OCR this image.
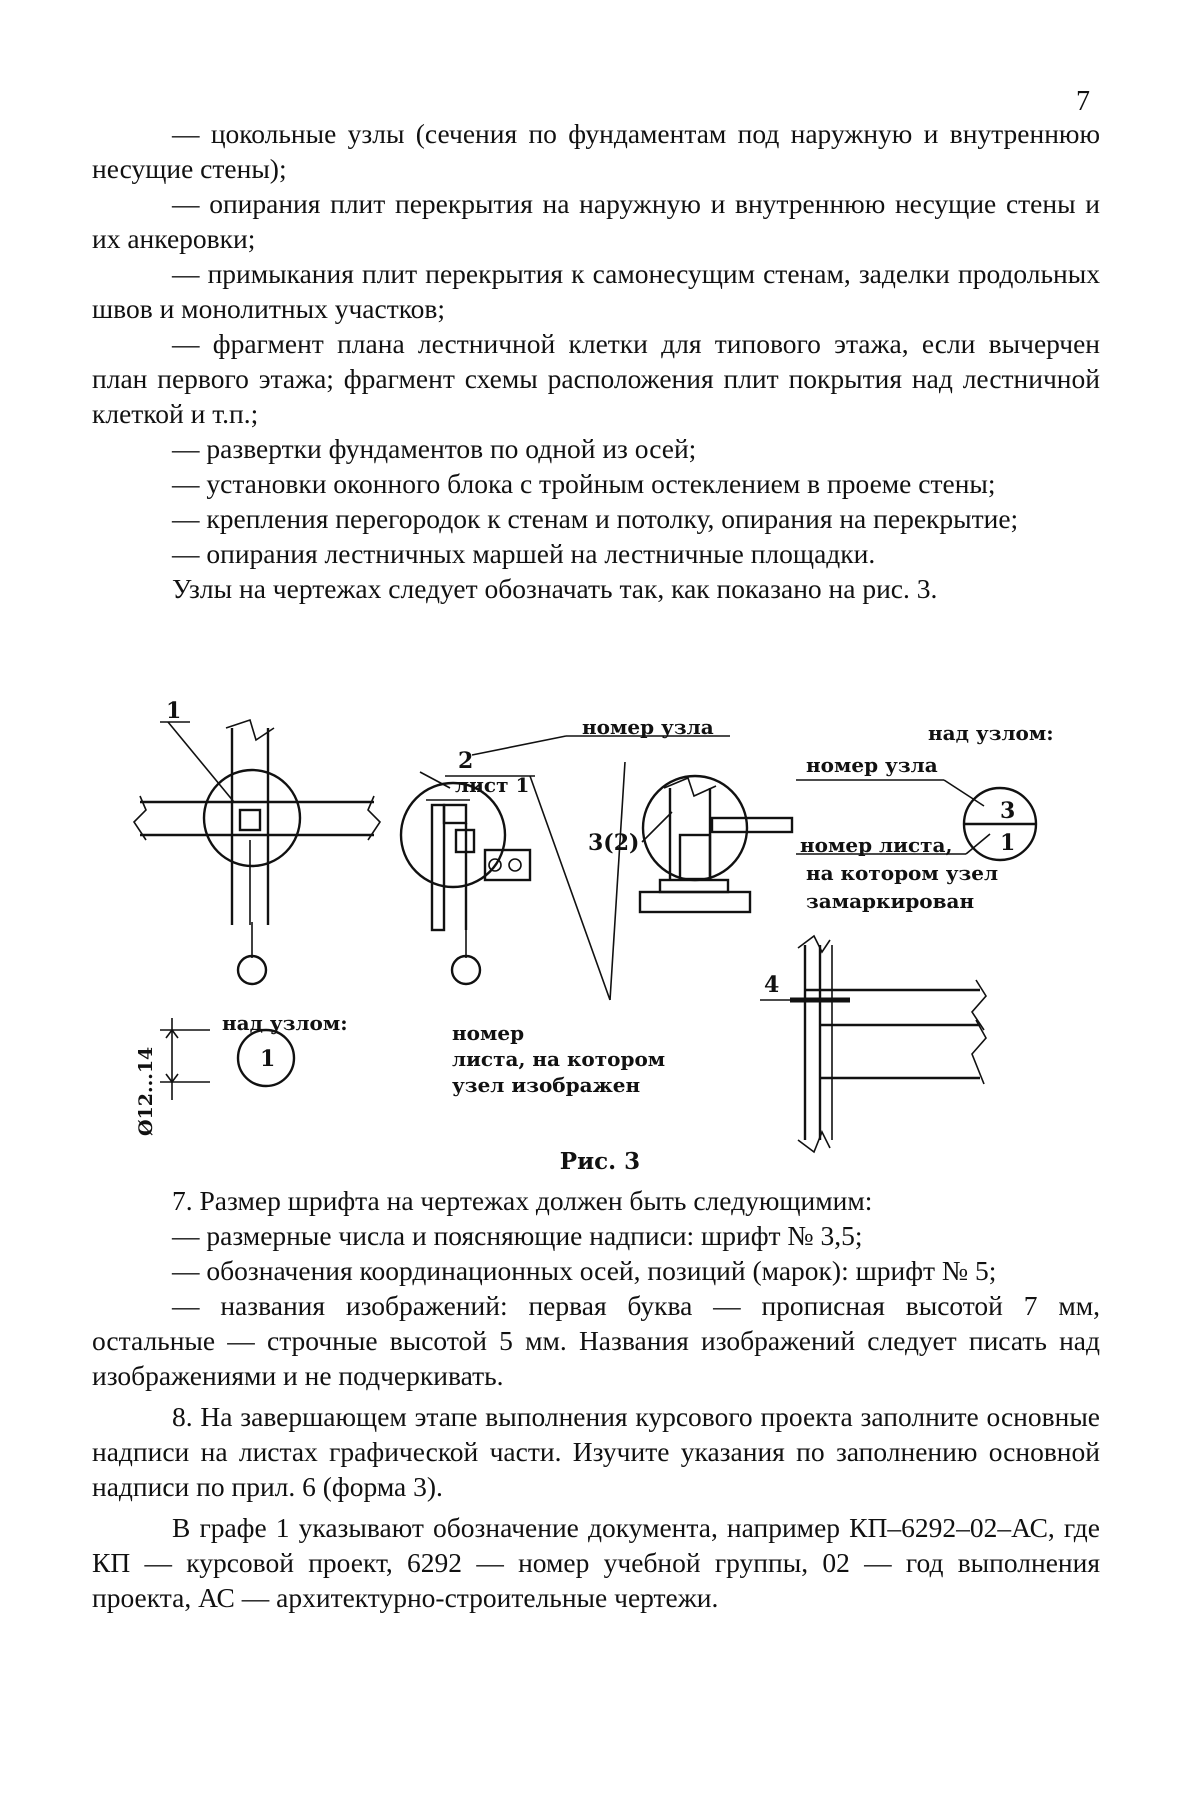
7

— цокольные узлы (сечения по фундаментам под наружную и внутреннюю несущие стены);

— опирания плит перекрытия на наружную и внутреннюю несущие стены и их анкеровки;

— примыкания плит перекрытия к самонесущим стенам, заделки продольных швов и монолитных участков;

— фрагмент плана лестничной клетки для типового этажа, если вычерчен план первого этажа; фрагмент схемы расположения плит покрытия над лестничной клеткой и т.п.;

— развертки фундаментов по одной из осей;

— установки оконного блока с тройным остеклением в проеме стены;

— крепления перегородок к стенам и потолку, опирания на перекрытие;

— опирания лестничных маршей на лестничные площадки.

Узлы на чертежах следует обозначать так, как показано на рис. 3.

1
2
номер узла
лист 1
3(2)
над узлом:
номер узла
3
1
номер листа,
на котором узел
замаркирован
4
над узлом:
Ø12...14	1
номер
листа, на котором
узел изображен
Рис. 3

7. Размер шрифта на чертежах должен быть следующимим:

— размерные числа и поясняющие надписи: шрифт № 3,5;

— обозначения координационных осей, позиций (марок): шрифт № 5;

— названия изображений: первая буква — прописная высотой 7 мм, остальные — строчные высотой 5 мм. Названия изображений следует писать над изображениями и не подчеркивать.

8. На завершающем этапе выполнения курсового проекта заполните основные надписи на листах графической части. Изучите указания по заполнению основной надписи по прил. 6 (форма 3).

В графе 1 указывают обозначение документа, например КП–6292–02–АС, где КП — курсовой проект, 6292 — номер учебной группы, 02 — год выполнения проекта, АС — архитектурно-строительные чертежи.
